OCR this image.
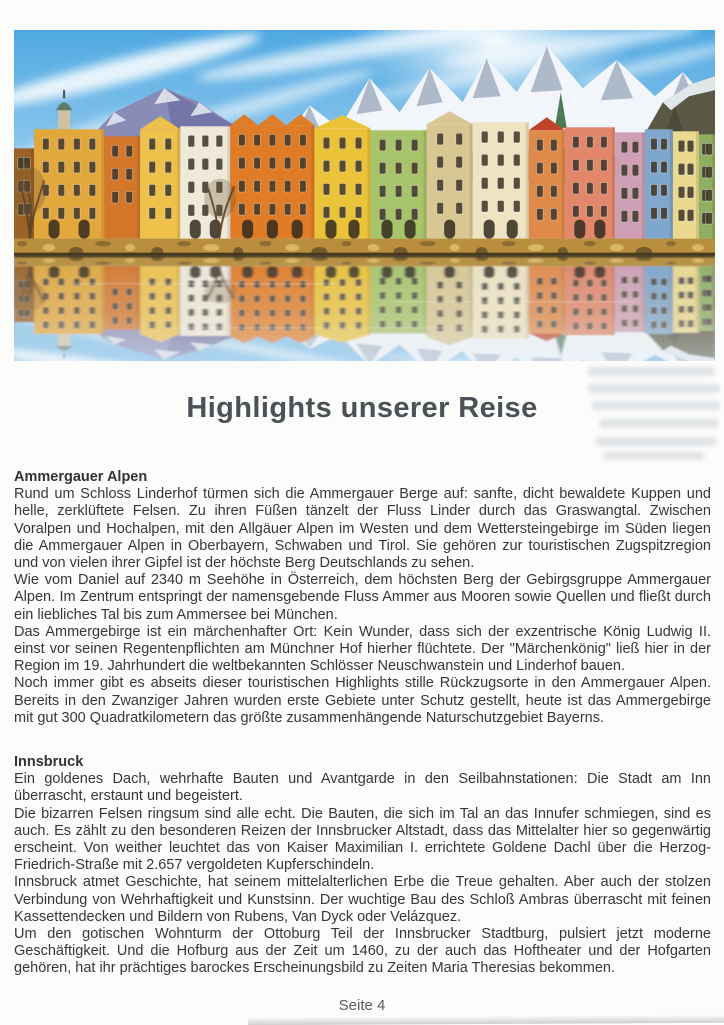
Highlights unserer Reise
Ammergauer Alpen

Rund um Schloss Linderhof türmen sich die Ammergauer Berge auf: sanfte, dicht bewaldete Kuppen und helle, zerklüftete Felsen. Zu ihren Füßen tänzelt der Fluss Linder durch das Graswangtal. Zwischen Voralpen und Hochalpen, mit den Allgäuer Alpen im Westen und dem Wettersteingebirge im Süden liegen die Ammergauer Alpen in Oberbayern, Schwaben und Tirol. Sie gehören zur touristischen Zugspitzregion und von vielen ihrer Gipfel ist der höchste Berg Deutschlands zu sehen.

Wie vom Daniel auf 2340 m Seehöhe in Österreich, dem höchsten Berg der Gebirgsgruppe Ammergauer Alpen. Im Zentrum entspringt der namensgebende Fluss Ammer aus Mooren sowie Quellen und fließt durch ein liebliches Tal bis zum Ammersee bei München.

Das Ammergebirge ist ein märchenhafter Ort: Kein Wunder, dass sich der exzentrische König Ludwig II. einst vor seinen Regentenpflichten am Münchner Hof hierher flüchtete. Der "Märchenkönig" ließ hier in der Region im 19. Jahrhundert die weltbekannten Schlösser Neuschwanstein und Linderhof bauen.

Noch immer gibt es abseits dieser touristischen Highlights stille Rückzugsorte in den Ammergauer Alpen. Bereits in den Zwanziger Jahren wurden erste Gebiete unter Schutz gestellt, heute ist das Ammergebirge mit gut 300 Quadratkilometern das größte zusammenhängende Naturschutzgebiet Bayerns.

Innsbruck

Ein goldenes Dach, wehrhafte Bauten und Avantgarde in den Seilbahnstationen: Die Stadt am Inn überrascht, erstaunt und begeistert.

Die bizarren Felsen ringsum sind alle echt. Die Bauten, die sich im Tal an das Innufer schmiegen, sind es auch. Es zählt zu den besonderen Reizen der Innsbrucker Altstadt, dass das Mittelalter hier so gegenwärtig erscheint. Von weither leuchtet das von Kaiser Maximilian I. errichtete Goldene Dachl über die Herzog-Friedrich-Straße mit 2.657 vergoldeten Kupferschindeln.

Innsbruck atmet Geschichte, hat seinem mittelalterlichen Erbe die Treue gehalten. Aber auch der stolzen Verbindung von Wehrhaftigkeit und Kunstsinn. Der wuchtige Bau des Schloß Ambras überrascht mit feinen Kassettendecken und Bildern von Rubens, Van Dyck oder Velázquez.

Um den gotischen Wohnturm der Ottoburg Teil der Innsbrucker Stadtburg, pulsiert jetzt moderne Geschäftigkeit. Und die Hofburg aus der Zeit um 1460, zu der auch das Hoftheater und der Hofgarten gehören, hat ihr prächtiges barockes Erscheinungsbild zu Zeiten Maria Theresias bekommen.

Seite 4
